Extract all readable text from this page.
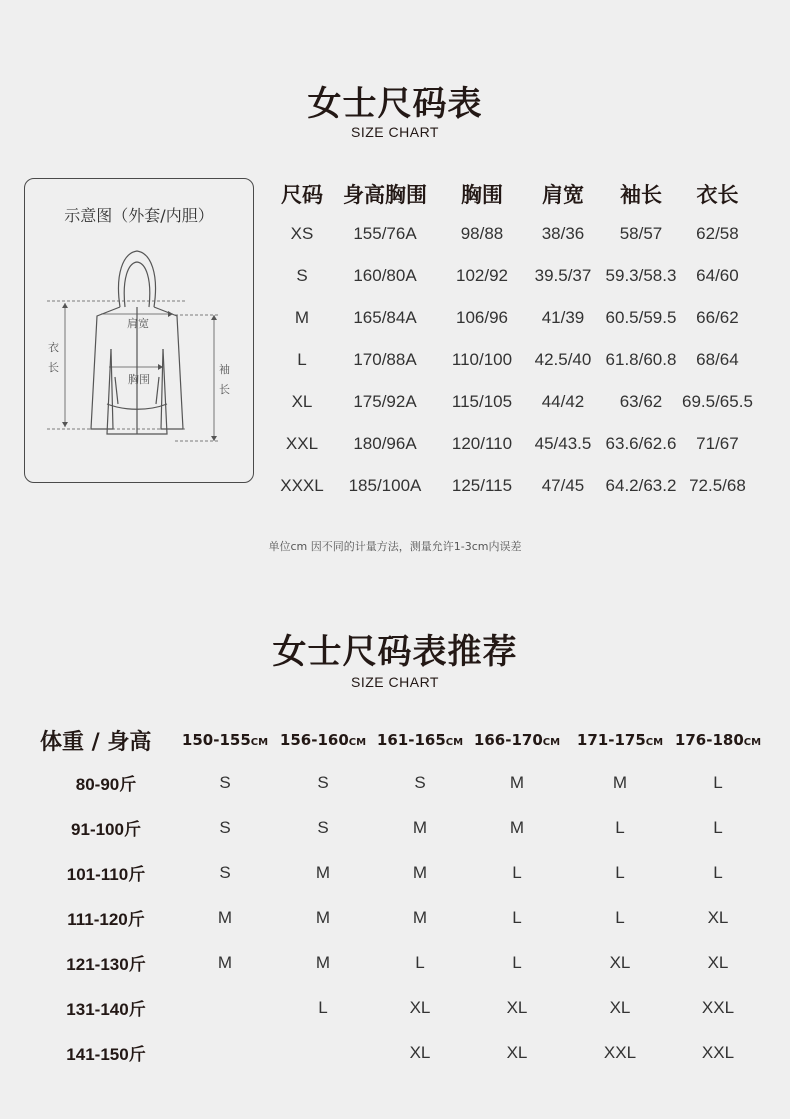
女士尺码表
SIZE CHART
示意图（外套/内胆）
肩宽
胸围
衣
长	袖
长
尺码	身高胸围	胸围	肩宽	袖长	衣长
XS	155/76A	98/88	38/36	58/57	62/58
S	160/80A	102/92	39.5/37	59.3/58.3	64/60
M	165/84A	106/96	41/39	60.5/59.5	66/62
L	170/88A	110/100	42.5/40	61.8/60.8	68/64
XL	175/92A	115/105	44/42	63/62	69.5/65.5
XXL	180/96A	120/110	45/43.5	63.6/62.6	71/67
XXXL	185/100A	125/115	47/45	64.2/63.2	72.5/68
单位cm 因不同的计量方法，测量允许1-3cm内误差
女士尺码表推荐
SIZE CHART
体重 / 身高	150-155CM	156-160CM	161-165CM	166-170CM	171-175CM	176-180CM
80-90斤	S	S	S	M	M	L
91-100斤	S	S	M	M	L	L
101-110斤	S	M	M	L	L	L
111-120斤	M	M	M	L	L	XL
121-130斤	M	M	L	L	XL	XL
131-140斤		L	XL	XL	XL	XXL
141-150斤			XL	XL	XXL	XXL
